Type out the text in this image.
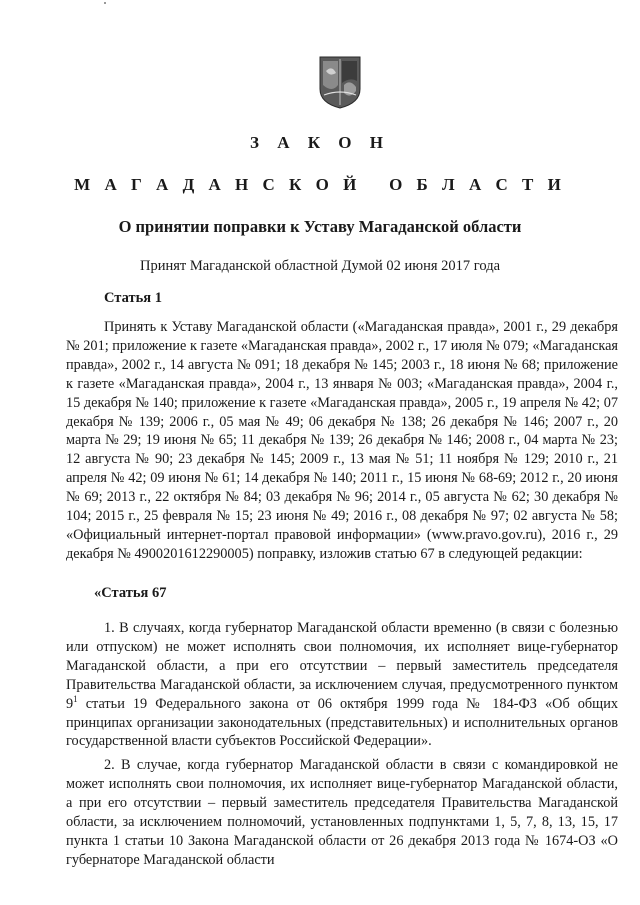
З А К О Н
М А Г А Д А Н С К О Й   О Б Л А С Т И
О принятии поправки к Уставу Магаданской области
Принят Магаданской областной Думой 02 июня 2017 года
Статья 1

Принять к Уставу Магаданской области («Магаданская правда», 2001 г., 29 декабря № 201; приложение к газете «Магаданская правда», 2002 г., 17 июля № 079; «Магаданская правда», 2002 г., 14 августа № 091; 18 декабря № 145; 2003 г., 18 июня № 68; приложение к газете «Магаданская правда», 2004 г., 13 января № 003; «Магаданская правда», 2004 г., 15 декабря № 140; приложение к газете «Магаданская правда», 2005 г., 19 апреля № 42; 07 декабря № 139; 2006 г., 05 мая № 49; 06 декабря № 138; 26 декабря № 146; 2007 г., 20 марта № 29; 19 июня № 65; 11 декабря № 139; 26 декабря № 146; 2008 г., 04 марта № 23; 12 августа № 90; 23 декабря № 145; 2009 г., 13 мая № 51; 11 ноября № 129; 2010 г., 21 апреля № 42; 09 июня № 61; 14 декабря № 140; 2011 г., 15 июня № 68-69; 2012 г., 20 июня № 69; 2013 г., 22 октября № 84; 03 декабря № 96; 2014 г., 05 августа № 62; 30 декабря № 104; 2015 г., 25 февраля № 15; 23 июня № 49; 2016 г., 08 декабря № 97; 02 августа № 58; «Официальный интернет-портал правовой информации» (www.pravo.gov.ru), 2016 г., 29 декабря № 4900201612290005) поправку, изложив статью 67 в следующей редакции:

«Статья 67

1. В случаях, когда губернатор Магаданской области временно (в связи с болезнью или отпуском) не может исполнять свои полномочия, их исполняет вице-губернатор Магаданской области, а при его отсутствии – первый заместитель председателя Правительства Магаданской области, за исключением случая, предусмотренного пунктом $9^1$ статьи 19 Федерального закона от 06 октября 1999 года № 184-ФЗ «Об общих принципах организации законодательных (представительных) и исполнительных органов государственной власти субъектов Российской Федерации».

2. В случае, когда губернатор Магаданской области в связи с командировкой не может исполнять свои полномочия, их исполняет вице-губернатор Магаданской области, а при его отсутствии – первый заместитель председателя Правительства Магаданской области, за исключением полномочий, установленных подпунктами 1, 5, 7, 8, 13, 15, 17 пункта 1 статьи 10 Закона Магаданской области от 26 декабря 2013 года № 1674-ОЗ «О губернаторе Магаданской области
